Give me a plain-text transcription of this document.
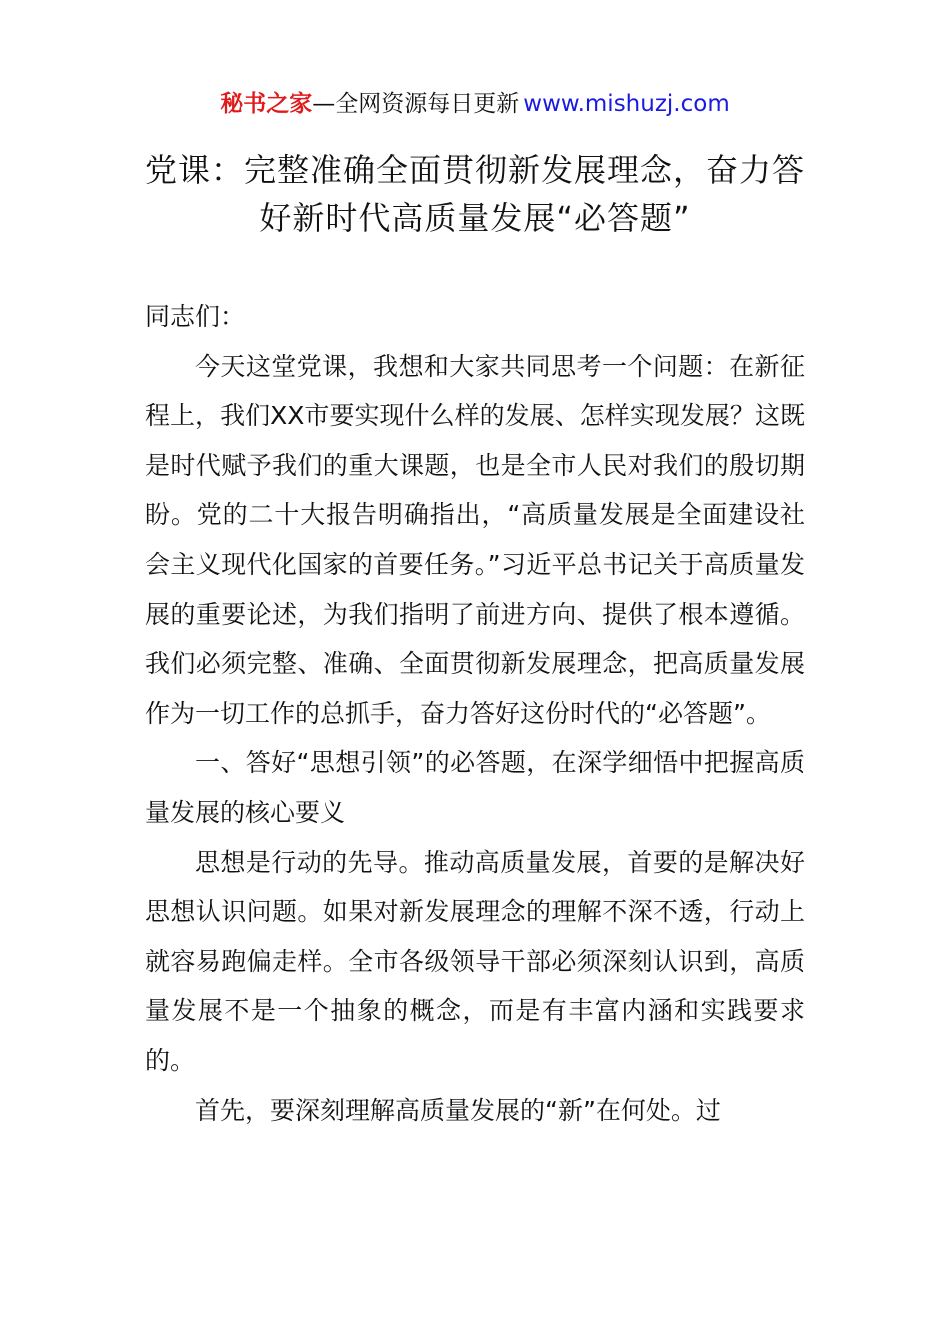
秘书之家—全网资源每日更新 www.mishuzj.com
党课：完整准确全面贯彻新发展理念，奋力答
好新时代高质量发展“必答题”

同志们：

今天这堂党课，我想和大家共同思考一个问题：在新征程上，我们XX市要实现什么样的发展、怎样实现发展？这既是时代赋予我们的重大课题，也是全市人民对我们的殷切期盼。党的二十大报告明确指出，“高质量发展是全面建设社会主义现代化国家的首要任务。”习近平总书记关于高质量发展的重要论述，为我们指明了前进方向、提供了根本遵循。我们必须完整、准确、全面贯彻新发展理念，把高质量发展作为一切工作的总抓手，奋力答好这份时代的“必答题”。

一、答好“思想引领”的必答题，在深学细悟中把握高质量发展的核心要义

思想是行动的先导。推动高质量发展，首要的是解决好思想认识问题。如果对新发展理念的理解不深不透，行动上就容易跑偏走样。全市各级领导干部必须深刻认识到，高质量发展不是一个抽象的概念，而是有丰富内涵和实践要求的。

首先，要深刻理解高质量发展的“新”在何处。过
